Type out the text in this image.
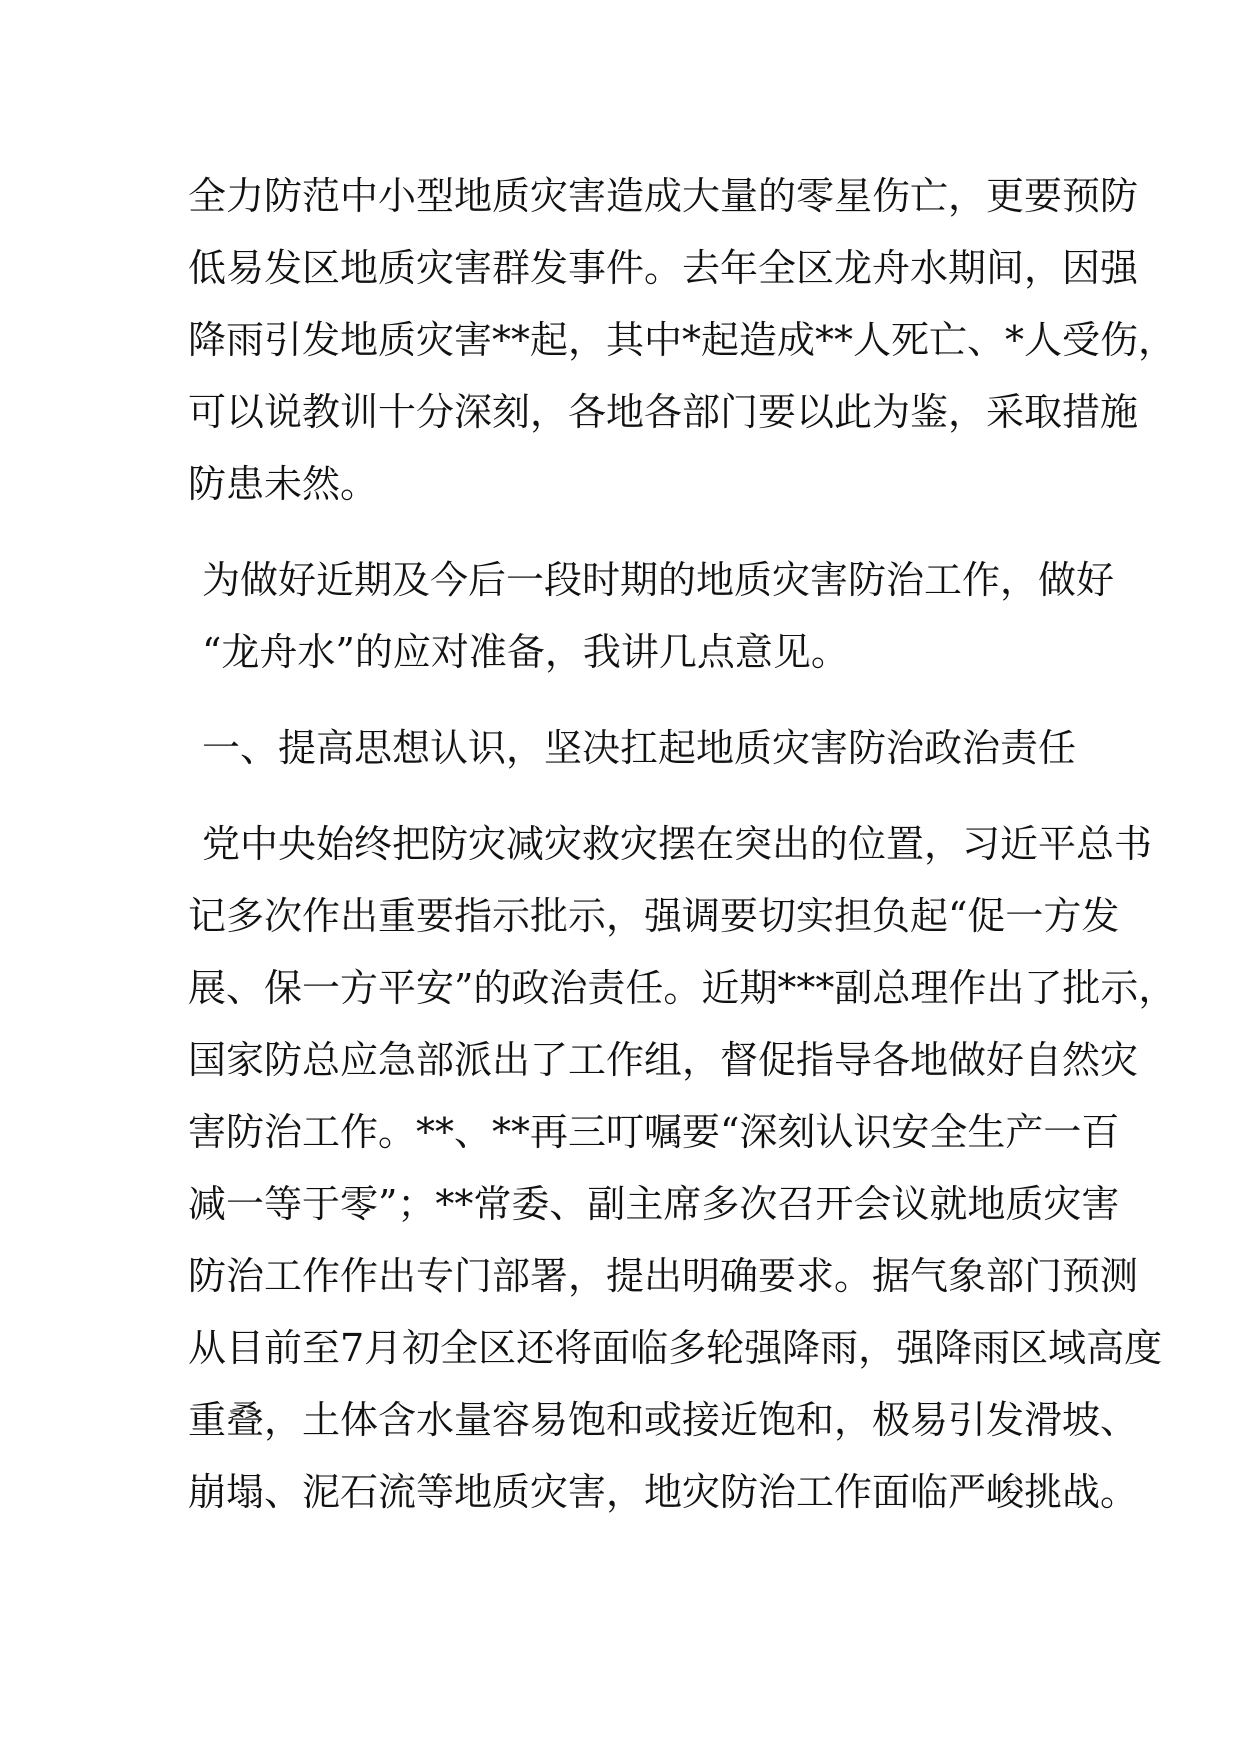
全力防范中小型地质灾害造成大量的零星伤亡，更要预防
低易发区地质灾害群发事件。去年全区龙舟水期间，因强
降雨引发地质灾害**起，其中*起造成**人死亡、*人受伤，
可以说教训十分深刻，各地各部门要以此为鉴，采取措施
防患未然。
为做好近期及今后一段时期的地质灾害防治工作，做好
“龙舟水”的应对准备，我讲几点意见。
一、提高思想认识，坚决扛起地质灾害防治政治责任
党中央始终把防灾减灾救灾摆在突出的位置，习近平总书
记多次作出重要指示批示，强调要切实担负起“促一方发
展、保一方平安”的政治责任。近期***副总理作出了批示，
国家防总应急部派出了工作组，督促指导各地做好自然灾
害防治工作。**、**再三叮嘱要“深刻认识安全生产一百
减一等于零”；**常委、副主席多次召开会议就地质灾害
防治工作作出专门部署，提出明确要求。据气象部门预测
从目前至7月初全区还将面临多轮强降雨，强降雨区域高度
重叠，土体含水量容易饱和或接近饱和，极易引发滑坡、
崩塌、泥石流等地质灾害，地灾防治工作面临严峻挑战。
